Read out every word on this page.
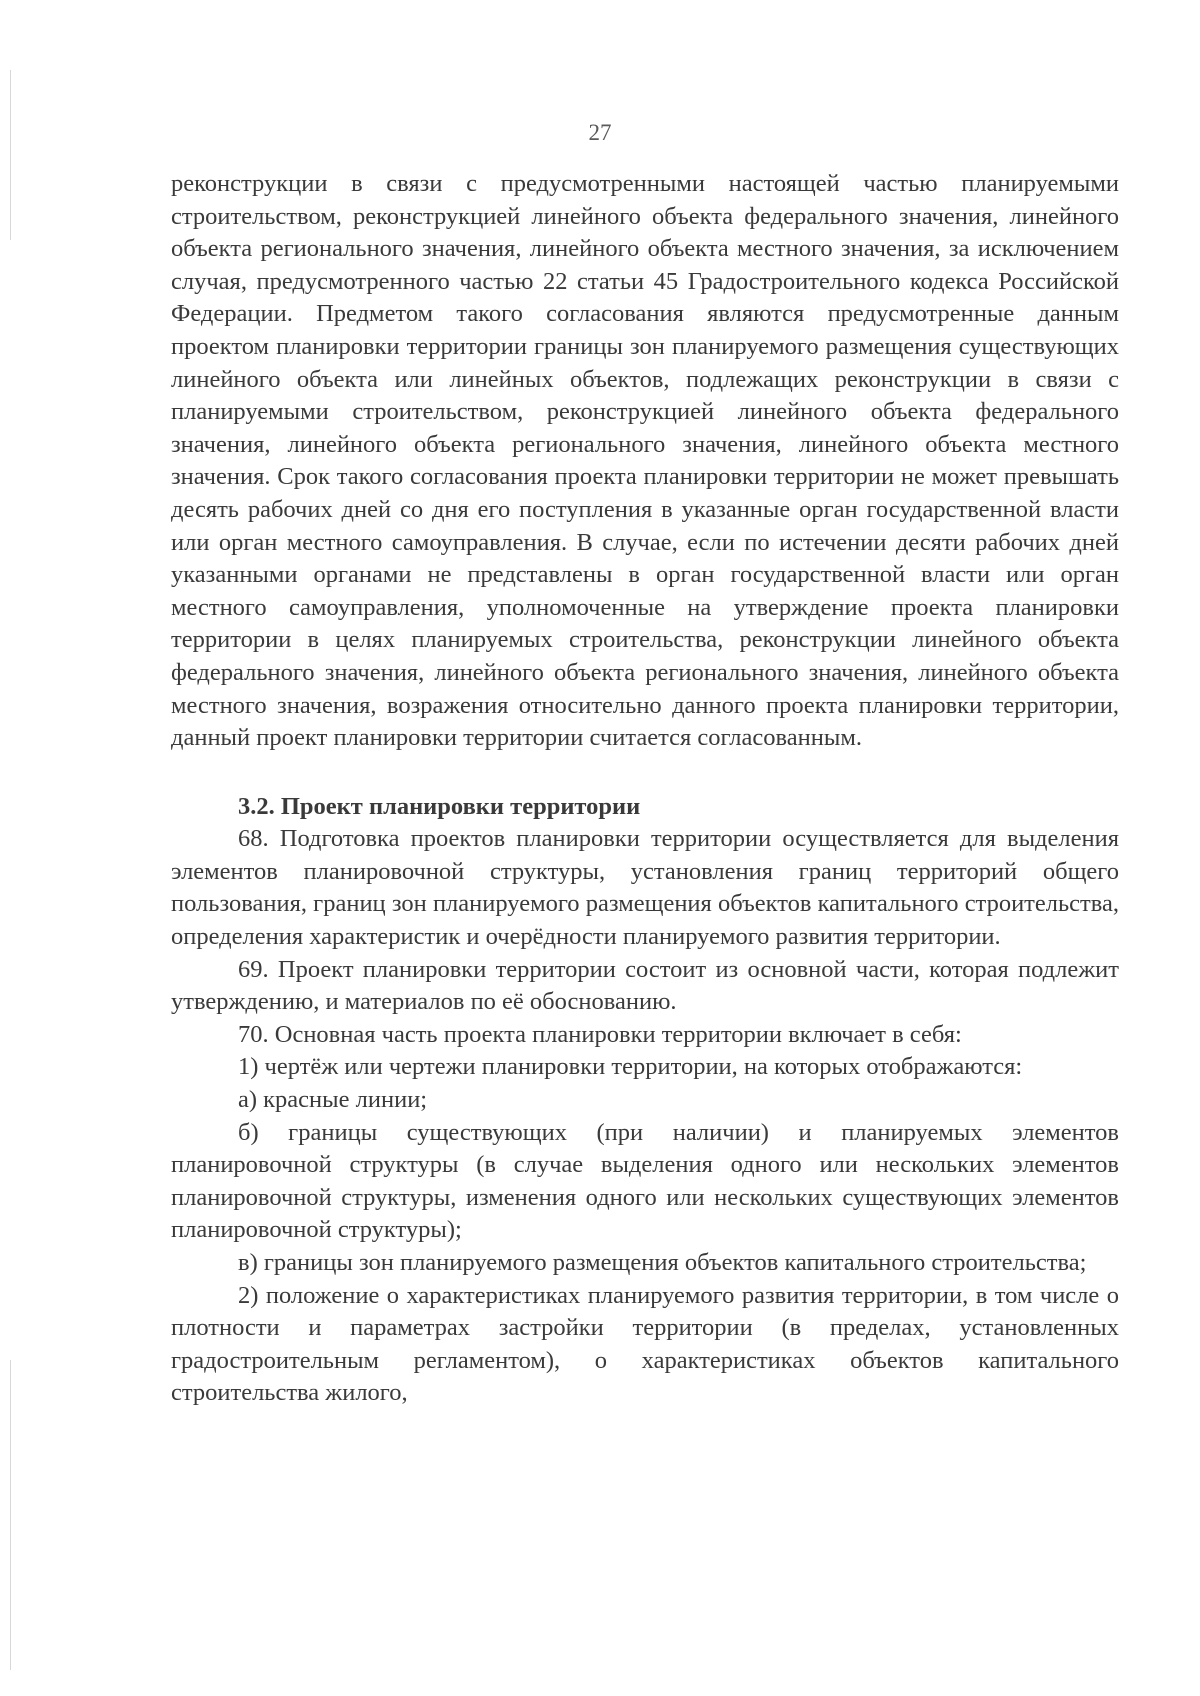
27

реконструкции в связи с предусмотренными настоящей частью планируемыми строительством, реконструкцией линейного объекта федерального значения, линейного объекта регионального значения, линейного объекта местного значения, за исключением случая, предусмотренного частью 22 статьи 45 Градостроительного кодекса Российской Федерации. Предметом такого согласования являются предусмотренные данным проектом планировки территории границы зон планируемого размещения существующих линейного объекта или линейных объектов, подлежащих реконструкции в связи с планируемыми строительством, реконструкцией линейного объекта федерального значения, линейного объекта регионального значения, линейного объекта местного значения. Срок такого согласования проекта планировки территории не может превышать десять рабочих дней со дня его поступления в указанные орган государственной власти или орган местного самоуправления. В случае, если по истечении десяти рабочих дней указанными органами не представлены в орган государственной власти или орган местного самоуправления, уполномоченные на утверждение проекта планировки территории в целях планируемых строительства, реконструкции линейного объекта федерального значения, линейного объекта регионального значения, линейного объекта местного значения, возражения относительно данного проекта планировки территории, данный проект планировки территории считается согласованным.

3.2. Проект планировки территории

68. Подготовка проектов планировки территории осуществляется для выделения элементов планировочной структуры, установления границ территорий общего пользования, границ зон планируемого размещения объектов капитального строительства, определения характеристик и очерёдности планируемого развития территории.

69. Проект планировки территории состоит из основной части, которая подлежит утверждению, и материалов по её обоснованию.

70. Основная часть проекта планировки территории включает в себя:

1) чертёж или чертежи планировки территории, на которых отображаются:

а) красные линии;

б) границы существующих (при наличии) и планируемых элементов планировочной структуры (в случае выделения одного или нескольких элементов планировочной структуры, изменения одного или нескольких существующих элементов планировочной структуры);

в) границы зон планируемого размещения объектов капитального строительства;

2) положение о характеристиках планируемого развития территории, в том числе о плотности и параметрах застройки территории (в пределах, установленных градостроительным регламентом), о характеристиках объектов капитального строительства жилого,
